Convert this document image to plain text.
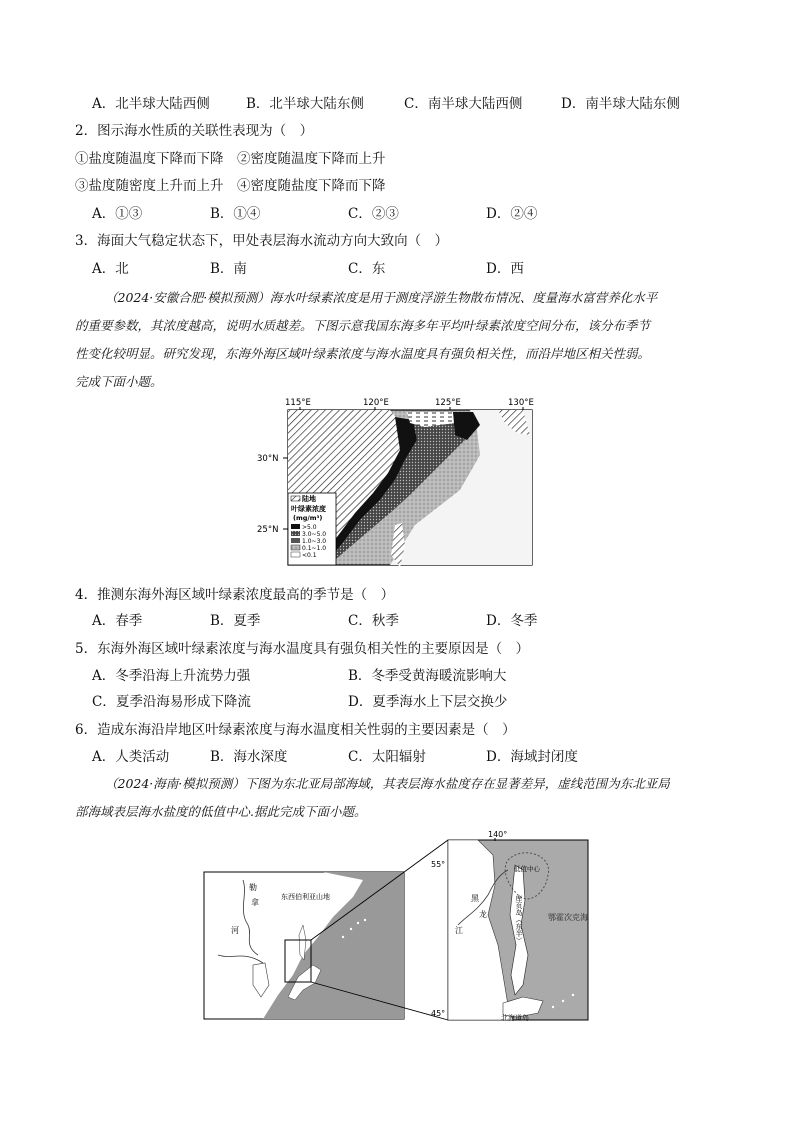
A．北半球大陆西侧	B．北半球大陆东侧	C．南半球大陆西侧	D．南半球大陆东侧
2．图示海水性质的关联性表现为（　）
①盐度随温度下降而下降　②密度随温度下降而上升
③盐度随密度上升而上升　④密度随盐度下降而下降
A．①③	B．①④	C．②③	D．②④
3．海面大气稳定状态下，甲处表层海水流动方向大致向（　）
A．北	B．南	C．东	D．西
（2024·安徽合肥·模拟预测）海水叶绿素浓度是用于测度浮游生物散布情况、度量海水富营养化水平
的重要参数，其浓度越高，说明水质越差。下图示意我国东海多年平均叶绿素浓度空间分布，该分布季节
性变化较明显。研究发现，东海外海区域叶绿素浓度与海水温度具有强负相关性，而沿岸地区相关性弱。
完成下面小题。
115°E	120°E	125°E	130°E
30°N
25°N
陆地
叶绿素浓度
(mg/m³)
>5.0
3.0~5.0
1.0~3.0
0.1~1.0
<0.1
4．推测东海外海区域叶绿素浓度最高的季节是（　）
A．春季	B．夏季	C．秋季	D．冬季
5．东海外海区域叶绿素浓度与海水温度具有强负相关性的主要原因是（　）
A．冬季沿海上升流势力强	B．冬季受黄海暖流影响大
C．夏季沿海易形成下降流	D．夏季海水上下层交换少
6．造成东海沿岸地区叶绿素浓度与海水温度相关性弱的主要因素是（　）
A．人类活动	B．海水深度	C．太阳辐射	D．海域封闭度
（2024·海南·模拟预测）下图为东北亚局部海域，其表层海水盐度存在显著差异，虚线范围为东北亚局
部海域表层海水盐度的低值中心.据此完成下面小题。
勒
拿
河
东西伯利亚山地
140°
55°
45°
低值中心
库页岛（东半）	鄂霍次克海
黑
龙
江
北海道岛
